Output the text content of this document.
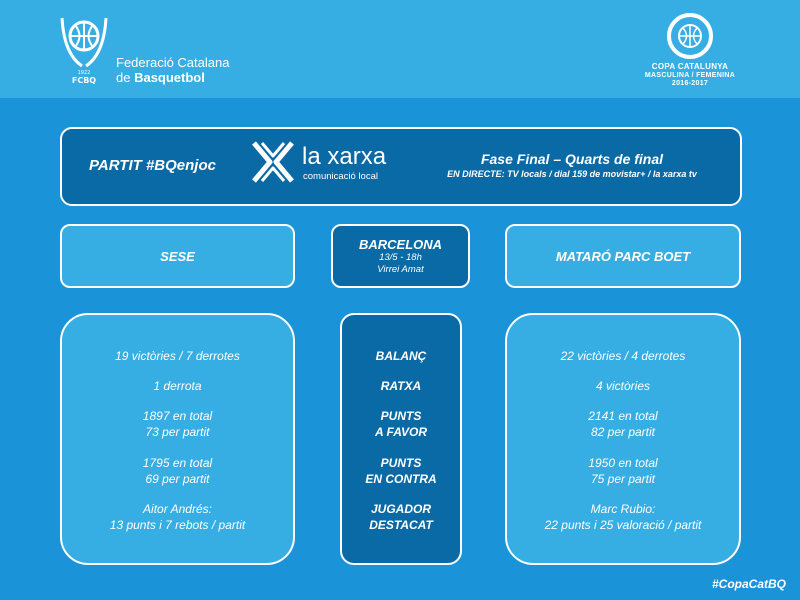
1922
FCBQ
Federació Catalana
de Basquetbol
COPA CATALUNYA
MASCULINA / FEMENINA
2016-2017
PARTIT #BQenjoc	la xarxa
comunicació local
Fase Final – Quarts de final
EN DIRECTE: TV locals / dial 159 de movistar+ / la xarxa tv
SESE
BARCELONA
13/5 - 18h
Virrei Amat
MATARÓ PARC BOET
19 victòries / 7 derrotes
1 derrota
1897 en total
73 per partit
1795 en total
69 per partit
Aitor Andrés:
13 punts i 7 rebots / partit
BALANÇ
RATXA
PUNTS
A FAVOR
PUNTS
EN CONTRA
JUGADOR
DESTACAT
22 victòries / 4 derrotes
4 victòries
2141 en total
82 per partit
1950 en total
75 per partit
Marc Rubio:
22 punts i 25 valoració / partit
#CopaCatBQ
